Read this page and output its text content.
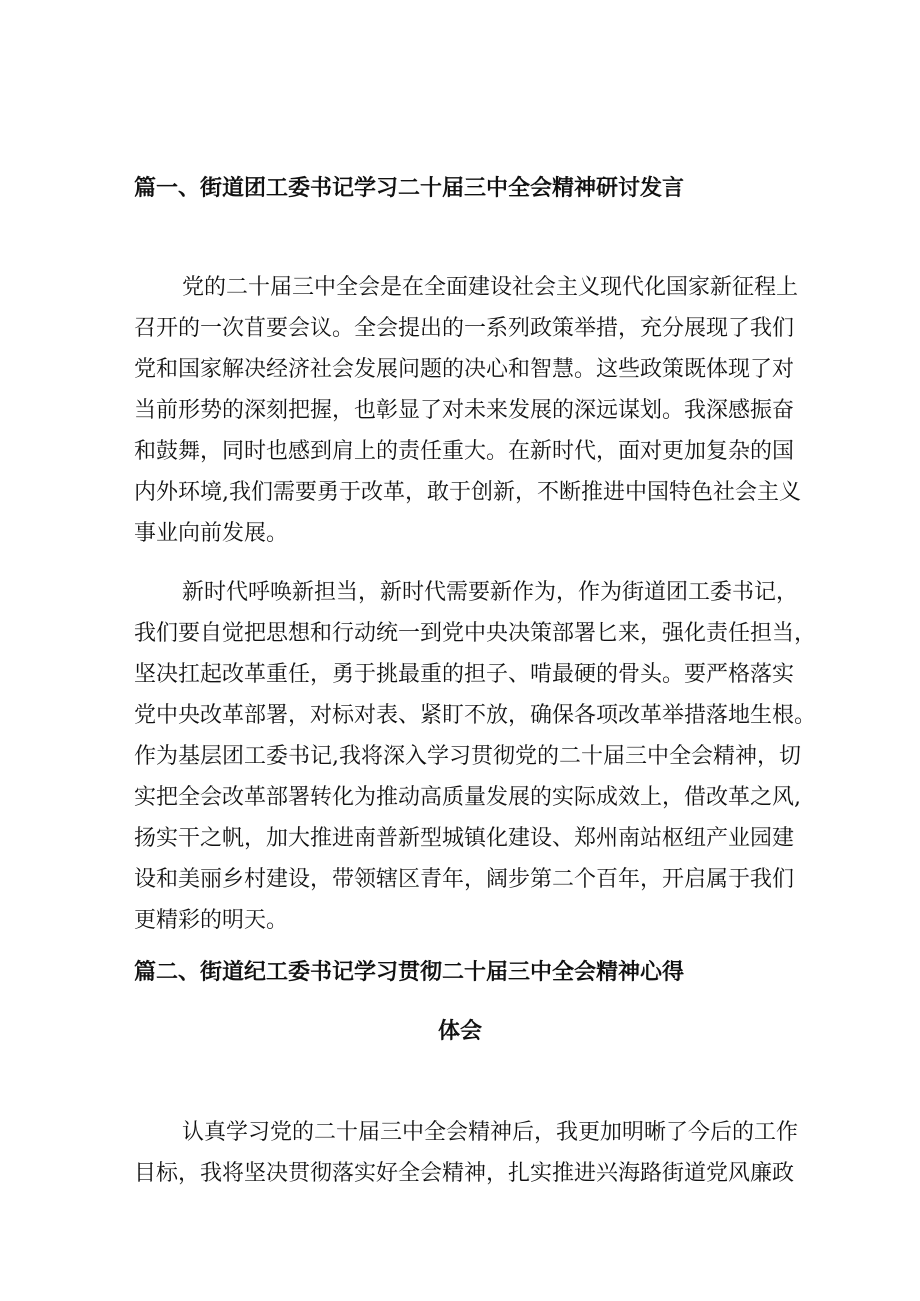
篇一、街道团工委书记学习二十届三中全会精神研讨发言

党的二十届三中全会是在全面建设社会主义现代化国家新征程上
召开的一次苜要会议。全会提出的一系列政策举措，充分展现了我们
党和国家解决经济社会发展问题的决心和智慧。这些政策既体现了对
当前形势的深刻把握，也彰显了对未来发展的深远谋划。我深感振奋
和鼓舞，同时也感到肩上的责任重大。在新时代，面对更加复杂的国
内外环境,我们需要勇于改革，敢于创新，不断推进中国特色社会主义
事业向前发展。

新时代呼唤新担当，新时代需要新作为，作为街道团工委书记，
我们要自觉把思想和行动统一到党中央决策部署匕来，强化责任担当，
坚决扛起改革重任，勇于挑最重的担子、啃最硬的骨头。要严格落实
党中央改革部署，对标对表、紧盯不放，确保各项改革举措落地生根。
作为基层团工委书记,我将深入学习贯彻党的二十届三中全会精神，切
实把全会改革部署转化为推动高质量发展的实际成效上，借改革之风,
扬实干之帆，加大推进南普新型城镇化建设、郑州南站枢纽产业园建
设和美丽乡村建设，带领辖区青年，阔步第二个百年，开启属于我们
更精彩的明天。

篇二、街道纪工委书记学习贯彻二十届三中全会精神心得
体会

认真学习党的二十届三中全会精神后，我更加明晰了今后的工作
目标，我将坚决贯彻落实好全会精神，扎实推进兴海路街道党风廉政
